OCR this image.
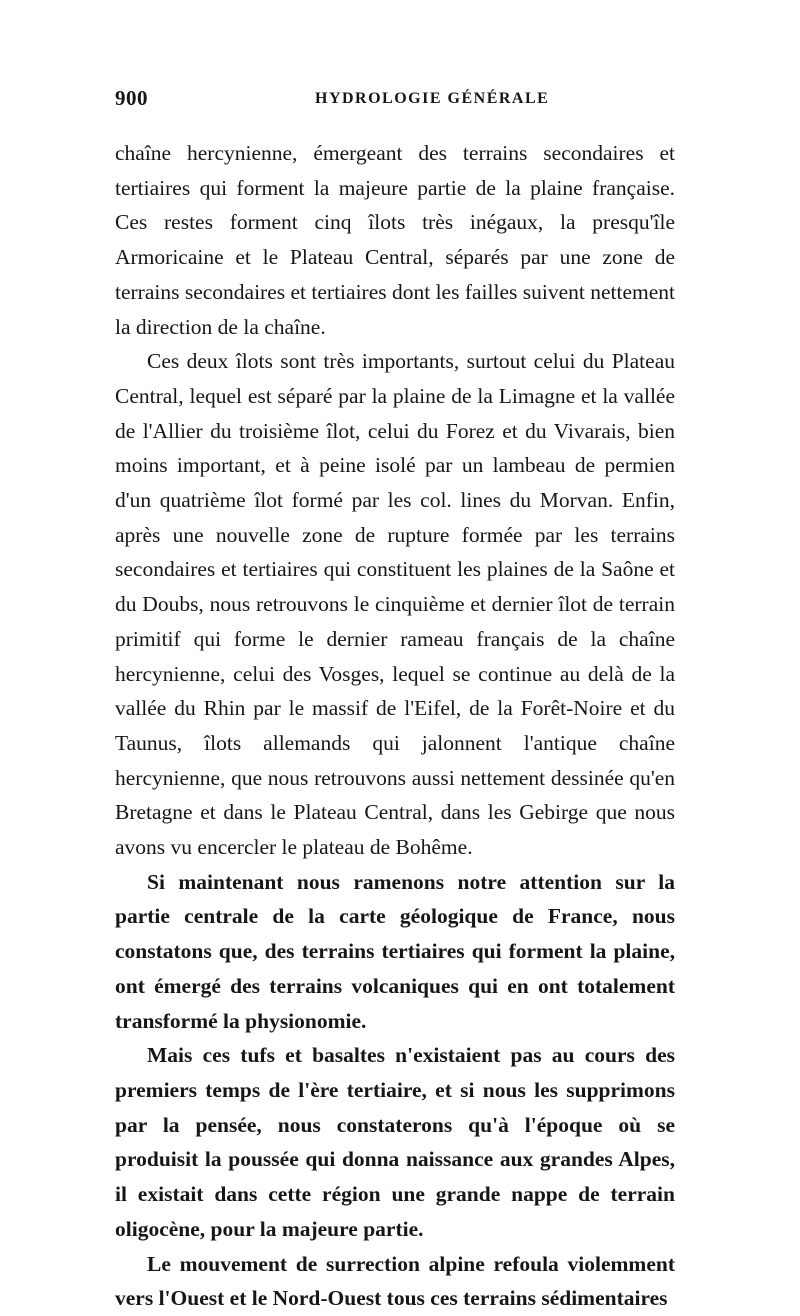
900	HYDROLOGIE GÉNÉRALE

chaîne hercynienne, émergeant des terrains secondaires et tertiaires qui forment la majeure partie de la plaine française. Ces restes forment cinq îlots très inégaux, la presqu'île Armoricaine et le Plateau Central, séparés par une zone de terrains secondaires et tertiaires dont les failles suivent nettement la direction de la chaîne.

Ces deux îlots sont très importants, surtout celui du Plateau Central, lequel est séparé par la plaine de la Limagne et la vallée de l'Allier du troisième îlot, celui du Forez et du Vivarais, bien moins important, et à peine isolé par un lambeau de permien d'un quatrième îlot formé par les col. lines du Morvan. Enfin, après une nouvelle zone de rupture formée par les terrains secondaires et tertiaires qui constituent les plaines de la Saône et du Doubs, nous retrouvons le cinquième et dernier îlot de terrain primitif qui forme le dernier rameau français de la chaîne hercynienne, celui des Vosges, lequel se continue au delà de la vallée du Rhin par le massif de l'Eifel, de la Forêt-Noire et du Taunus, îlots allemands qui jalonnent l'antique chaîne hercynienne, que nous retrouvons aussi nettement dessinée qu'en Bretagne et dans le Plateau Central, dans les Gebirge que nous avons vu encercler le plateau de Bohême.

Si maintenant nous ramenons notre attention sur la partie centrale de la carte géologique de France, nous constatons que, des terrains tertiaires qui forment la plaine, ont émergé des terrains volcaniques qui en ont totalement transformé la physionomie.

Mais ces tufs et basaltes n'existaient pas au cours des premiers temps de l'ère tertiaire, et si nous les supprimons par la pensée, nous constaterons qu'à l'époque où se produisit la poussée qui donna naissance aux grandes Alpes, il existait dans cette région une grande nappe de terrain oligocène, pour la majeure partie.

Le mouvement de surrection alpine refoula violemment vers l'Ouest et le Nord-Ouest tous ces terrains sédimentaires
